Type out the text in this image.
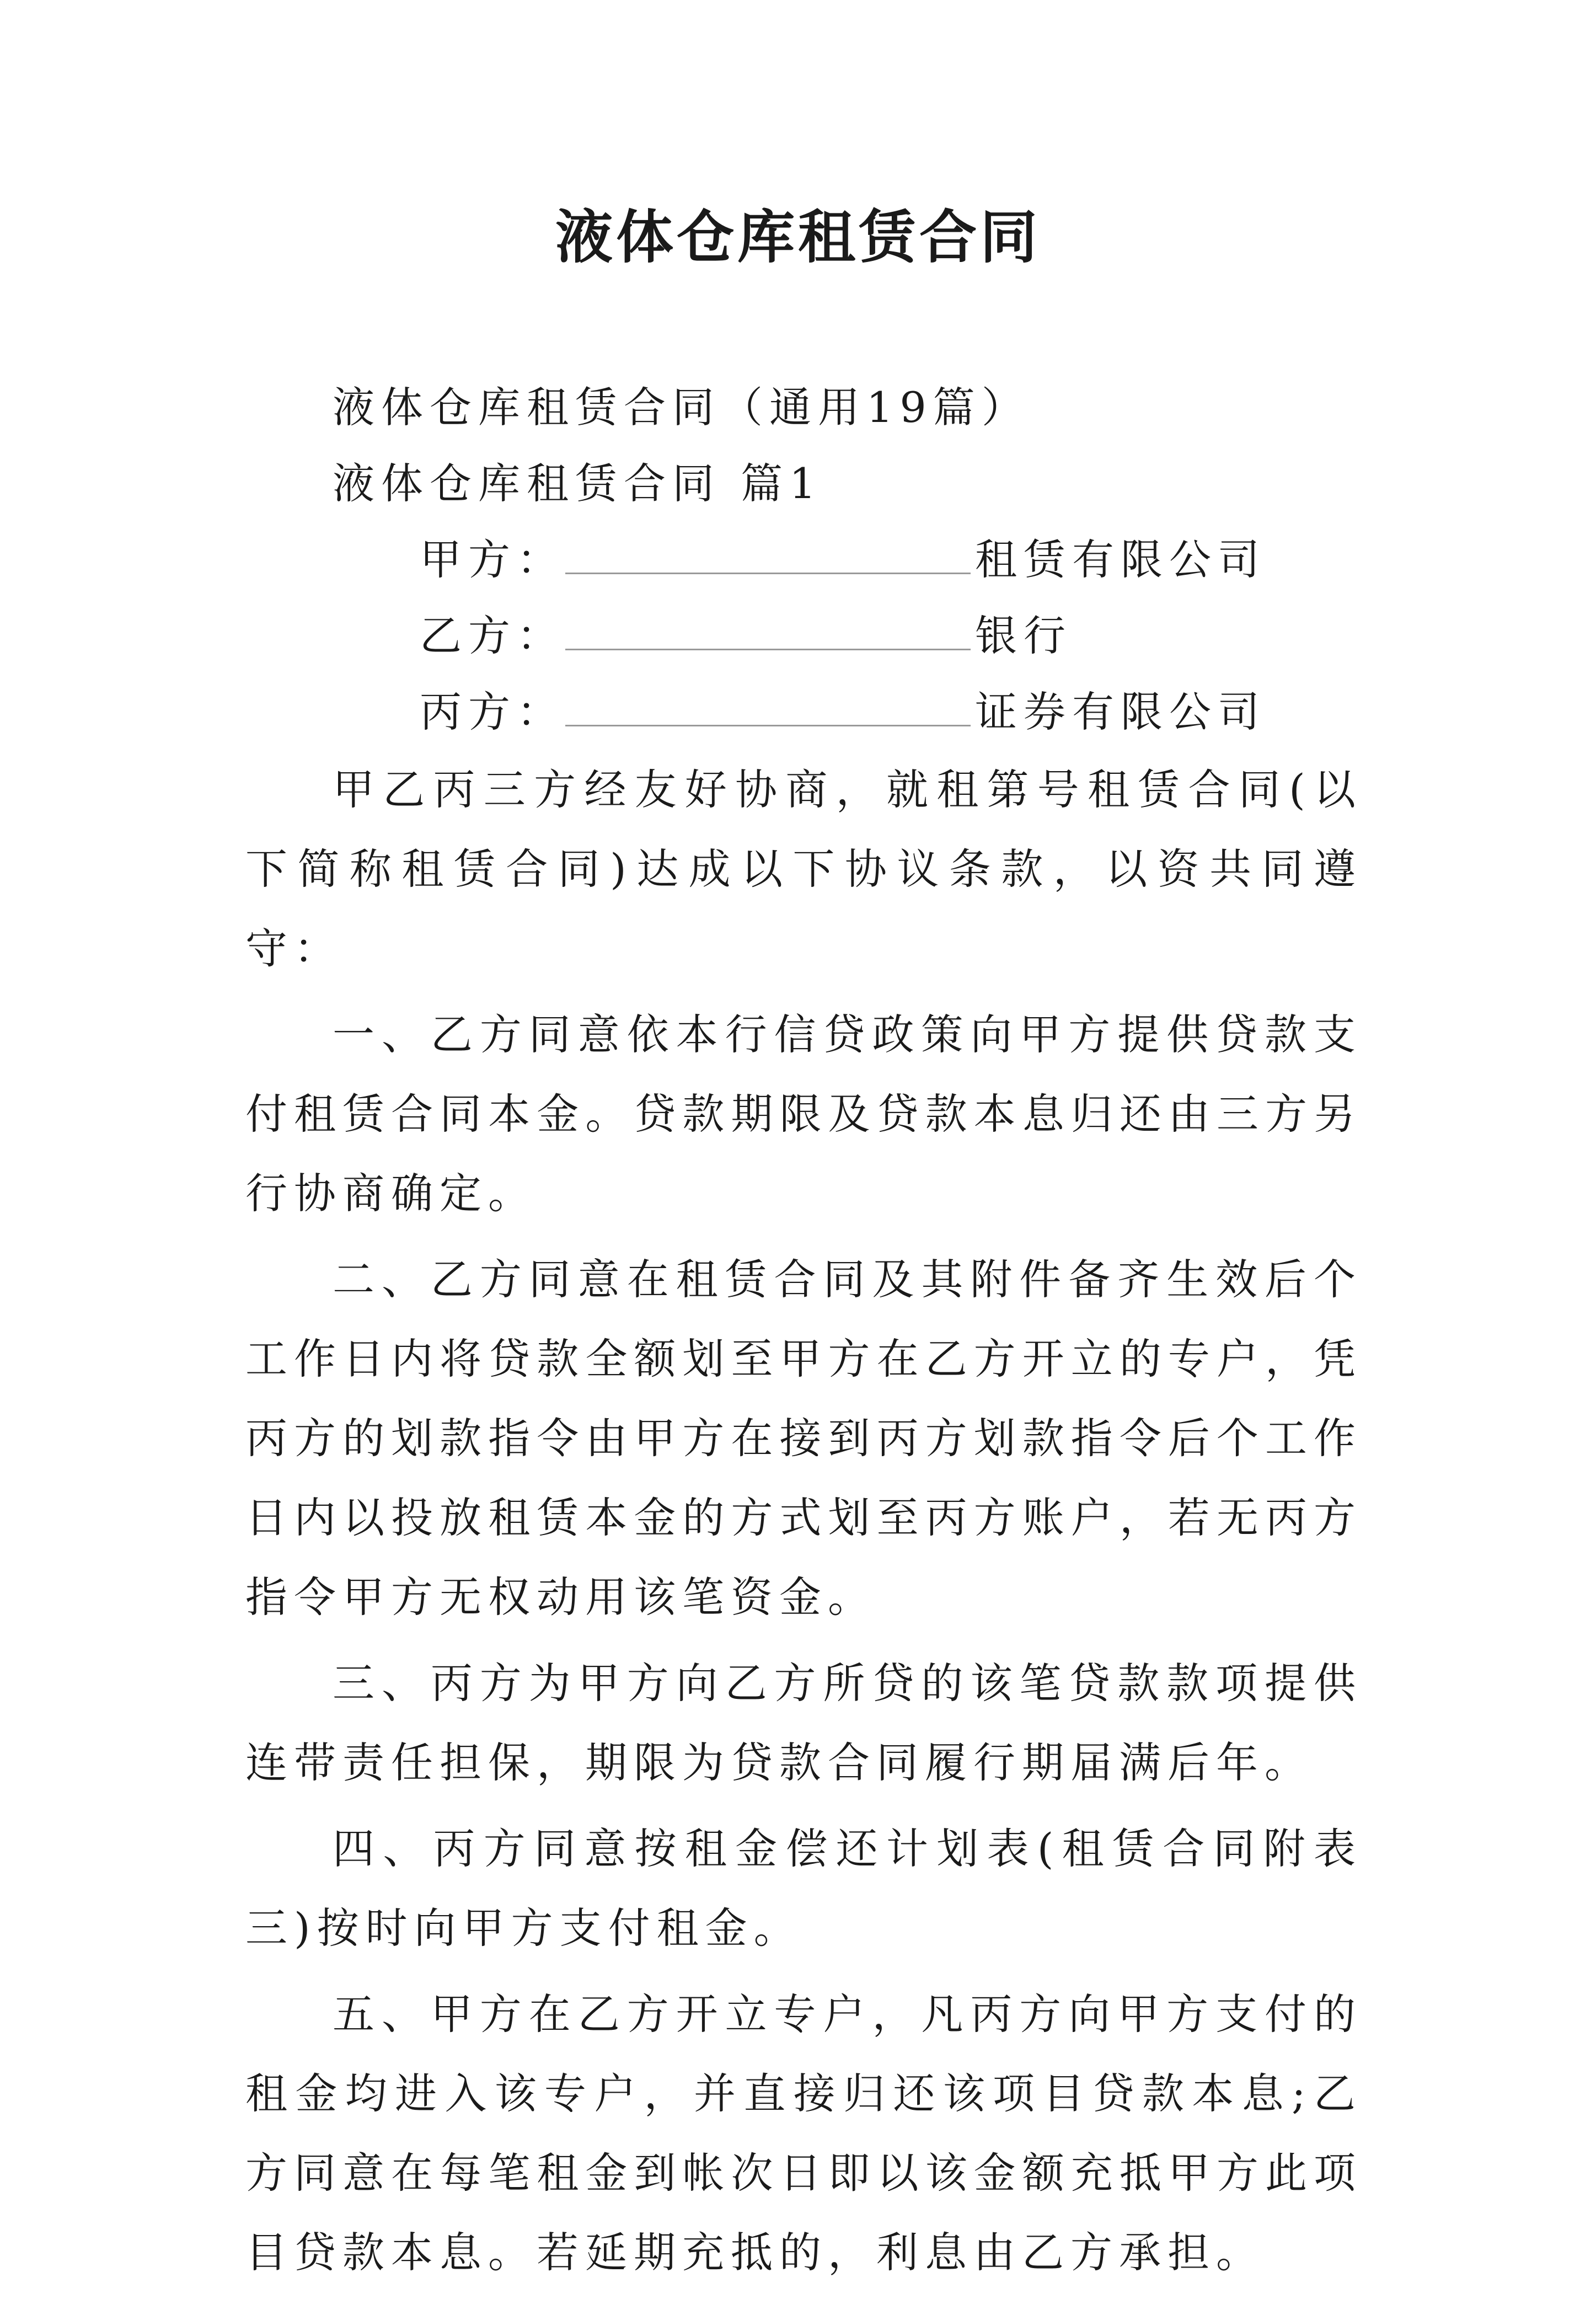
液体仓库租赁合同
液体仓库租赁合同（通用19篇）
液体仓库租赁合同 篇1
甲方：	租赁有限公司
乙方：	银行
丙方：	证券有限公司

甲乙丙三方经友好协商，就租第号租赁合同(以下简称租赁合同)达成以下协议条款，以资共同遵守：

一、乙方同意依本行信贷政策向甲方提供贷款支付租赁合同本金。贷款期限及贷款本息归还由三方另行协商确定。

二、乙方同意在租赁合同及其附件备齐生效后个工作日内将贷款全额划至甲方在乙方开立的专户，凭丙方的划款指令由甲方在接到丙方划款指令后个工作日内以投放租赁本金的方式划至丙方账户，若无丙方指令甲方无权动用该笔资金。

三、丙方为甲方向乙方所贷的该笔贷款款项提供连带责任担保，期限为贷款合同履行期届满后年。

四、丙方同意按租金偿还计划表(租赁合同附表三)按时向甲方支付租金。

五、甲方在乙方开立专户，凡丙方向甲方支付的租金均进入该专户，并直接归还该项目贷款本息;乙方同意在每笔租金到帐次日即以该金额充抵甲方此项目贷款本息。若延期充抵的，利息由乙方承担。
